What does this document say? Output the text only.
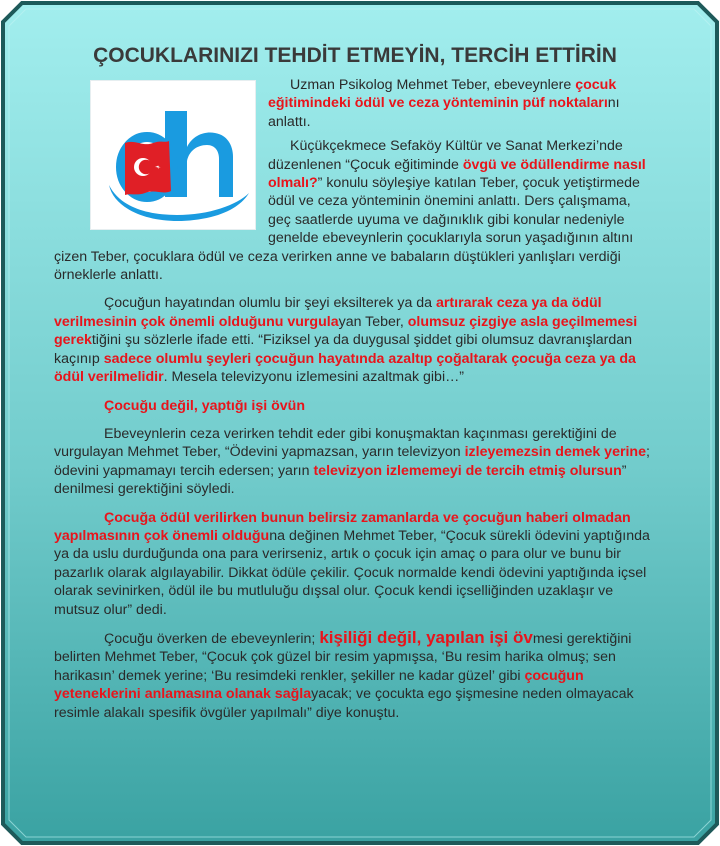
ÇOCUKLARINIZI TEHDİT ETMEYİN, TERCİH ETTİRİN

Uzman Psikolog Mehmet Teber, ebeveynlere çocuk eğitimindeki ödül ve ceza yönteminin püf noktalarını anlattı.

Küçükçekmece Sefaköy Kültür ve Sanat Merkezi’nde düzenlenen “Çocuk eğitiminde övgü ve ödüllendirme nasıl olmalı?” konulu söyleşiye katılan Teber, çocuk yetiştirmede ödül ve ceza yönteminin önemini anlattı. Ders çalışmama, geç saatlerde uyuma ve dağınıklık gibi konular nedeniyle genelde ebeveynlerin çocuklarıyla sorun yaşadığının altını çizen Teber, çocuklara ödül ve ceza verirken anne ve babaların düştükleri yanlışları verdiği örneklerle anlattı.

Çocuğun hayatından olumlu bir şeyi eksilterek ya da artırarak ceza ya da ödül verilmesinin çok önemli olduğunu vurgulayan Teber, olumsuz çizgiye asla geçilmemesi gerektiğini şu sözlerle ifade etti. “Fiziksel ya da duygusal şiddet gibi olumsuz davranışlardan kaçınıp sadece olumlu şeyleri çocuğun hayatında azaltıp çoğaltarak çocuğa ceza ya da ödül verilmelidir. Mesela televizyonu izlemesini azaltmak gibi…”

Çocuğu değil, yaptığı işi övün

Ebeveynlerin ceza verirken tehdit eder gibi konuşmaktan kaçınması gerektiğini de vurgulayan Mehmet Teber, “Ödevini yapmazsan, yarın televizyon izleyemezsin demek yerine; ödevini yapmamayı tercih edersen; yarın televizyon izlememeyi de tercih etmiş olursun” denilmesi gerektiğini söyledi.

Çocuğa ödül verilirken bunun belirsiz zamanlarda ve çocuğun haberi olmadan yapılmasının çok önemli olduğuna değinen Mehmet Teber, “Çocuk sürekli ödevini yaptığında ya da uslu durduğunda ona para verirseniz, artık o çocuk için amaç o para olur ve bunu bir pazarlık olarak algılayabilir. Dikkat ödüle çekilir. Çocuk normalde kendi ödevini yaptığında içsel olarak sevinirken, ödül ile bu mutluluğu dışsal olur. Çocuk kendi içselliğinden uzaklaşır ve mutsuz olur” dedi.

Çocuğu överken de ebeveynlerin; kişiliği değil, yapılan işi övmesi gerektiğini belirten Mehmet Teber, “Çocuk çok güzel bir resim yapmışsa, ‘Bu resim harika olmuş; sen harikasın’ demek yerine; ‘Bu resimdeki renkler, şekiller ne kadar güzel’ gibi çocuğun yeteneklerini anlamasına olanak sağlayacak; ve çocukta ego şişmesine neden olmayacak resimle alakalı spesifik övgüler yapılmalı” diye konuştu.
